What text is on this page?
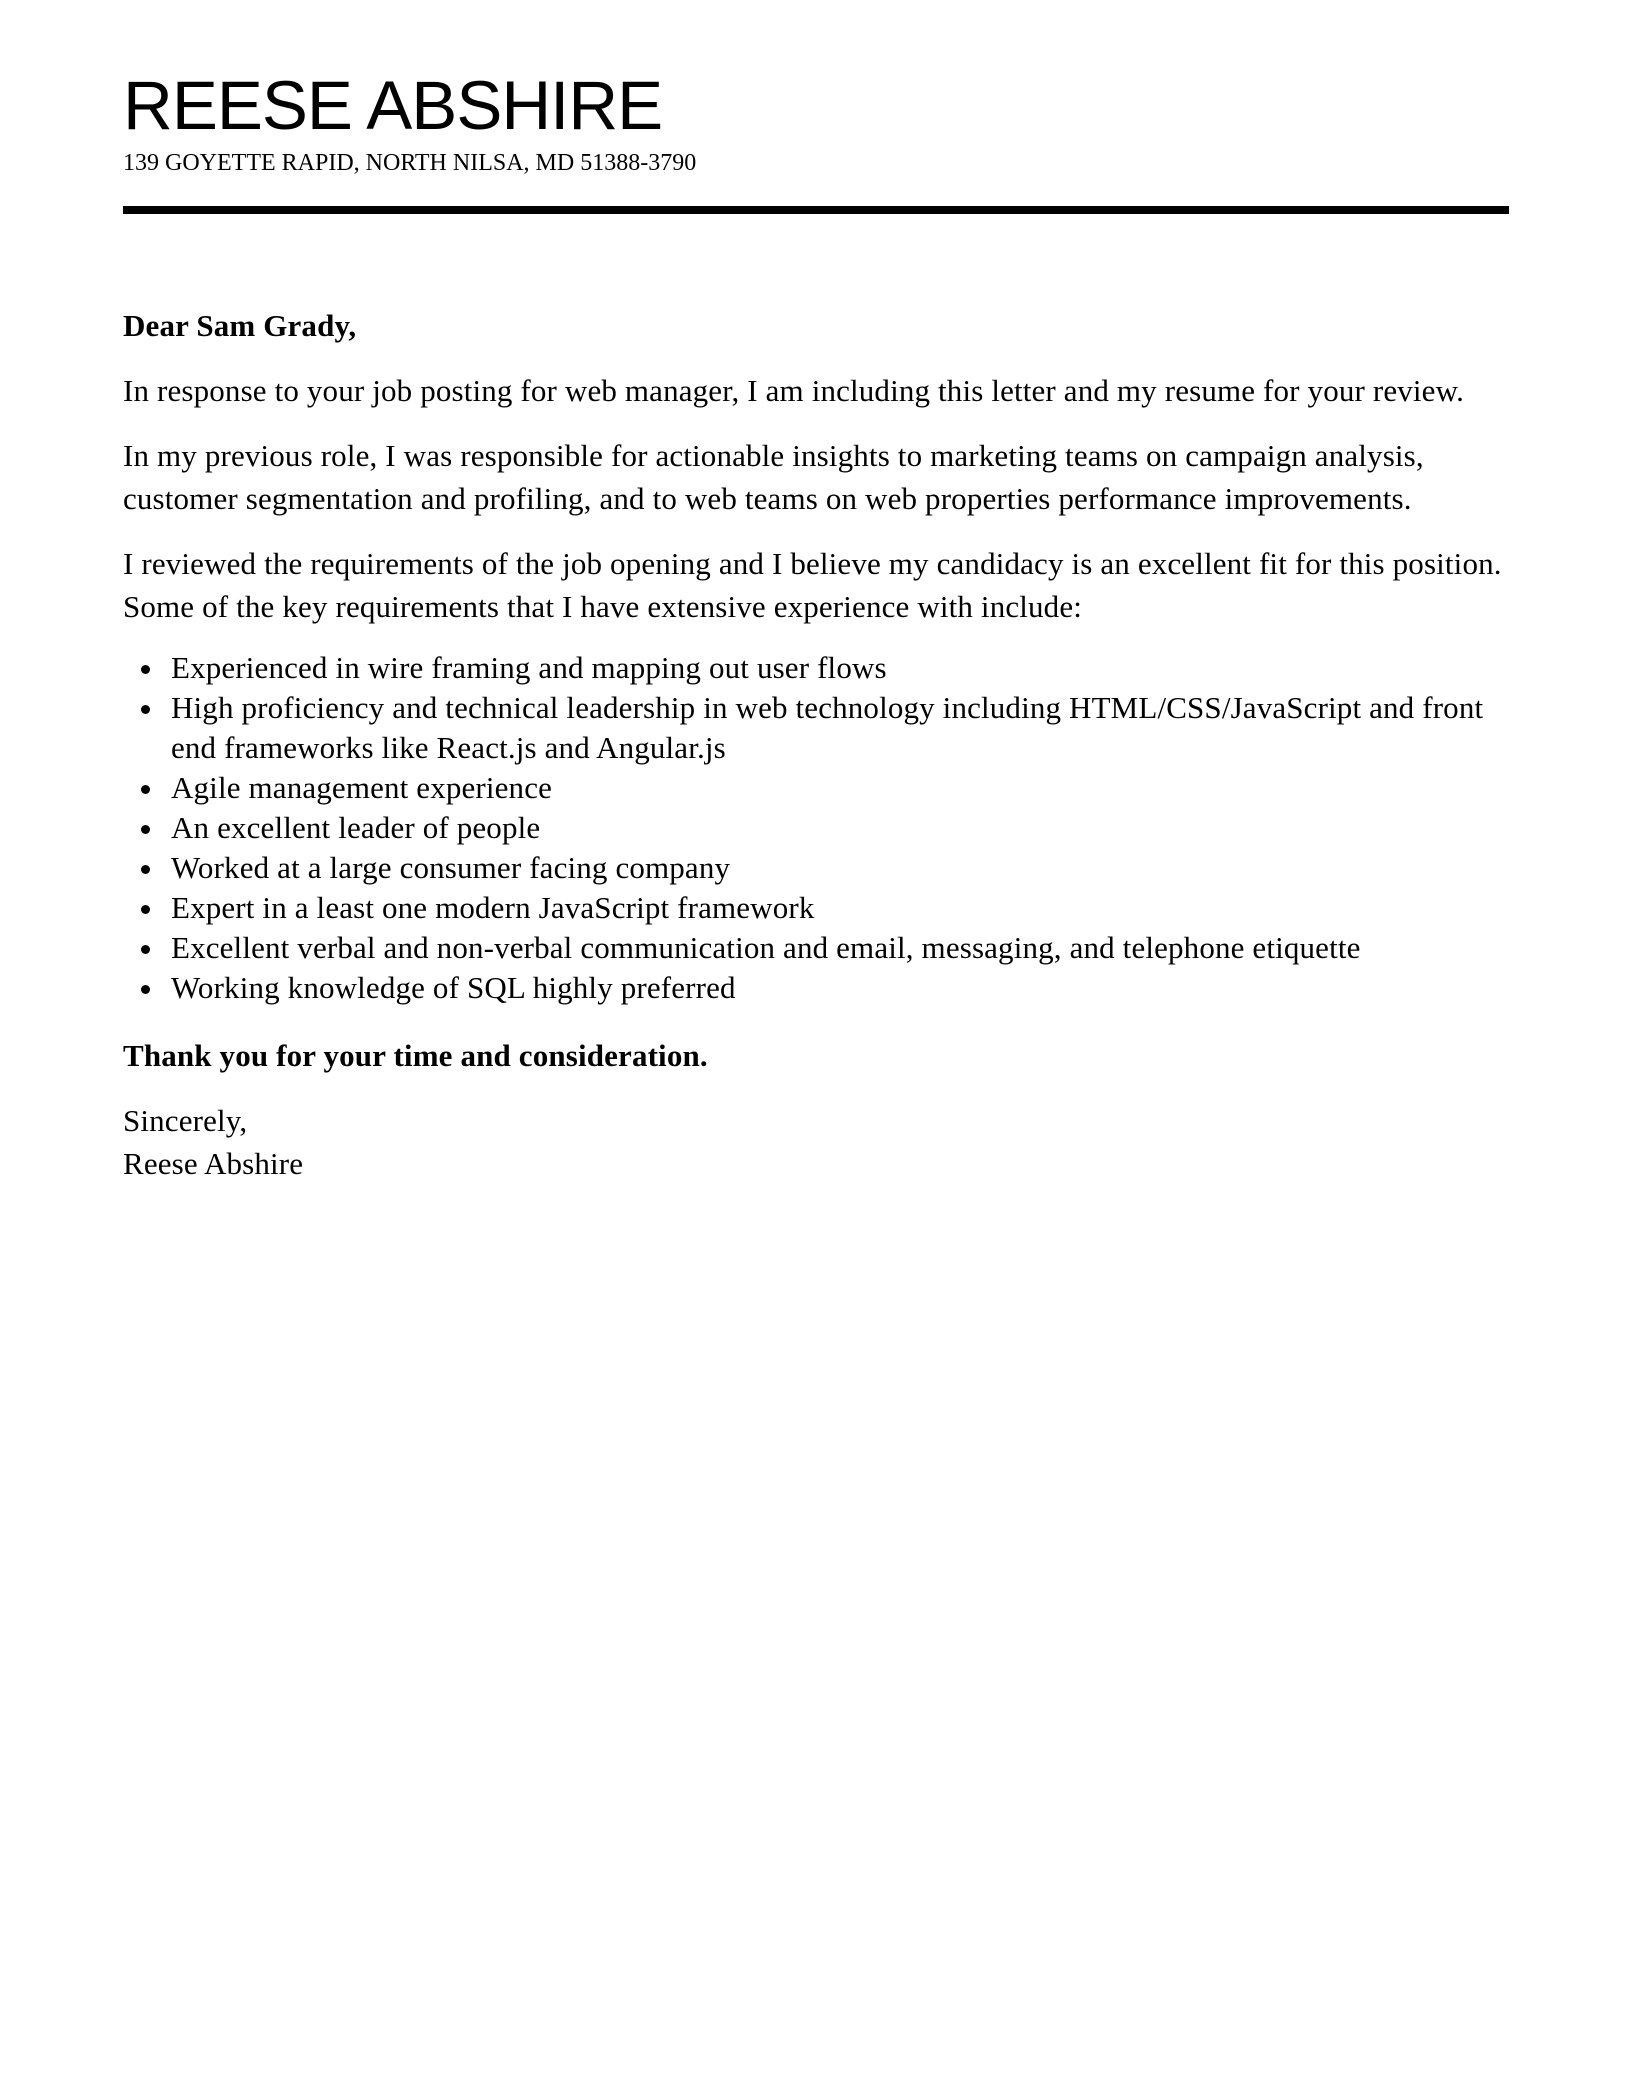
REESE ABSHIRE
139 GOYETTE RAPID, NORTH NILSA, MD 51388-3790

Dear Sam Grady,

In response to your job posting for web manager, I am including this letter and my resume for your review.

In my previous role, I was responsible for actionable insights to marketing teams on campaign analysis, customer segmentation and profiling, and to web teams on web properties performance improvements.

I reviewed the requirements of the job opening and I believe my candidacy is an excellent fit for this position. Some of the key requirements that I have extensive experience with include:

Experienced in wire framing and mapping out user flows
High proficiency and technical leadership in web technology including HTML/CSS/JavaScript and front end frameworks like React.js and Angular.js
Agile management experience
An excellent leader of people
Worked at a large consumer facing company
Expert in a least one modern JavaScript framework
Excellent verbal and non-verbal communication and email, messaging, and telephone etiquette
Working knowledge of SQL highly preferred

Thank you for your time and consideration.

Sincerely,
Reese Abshire
